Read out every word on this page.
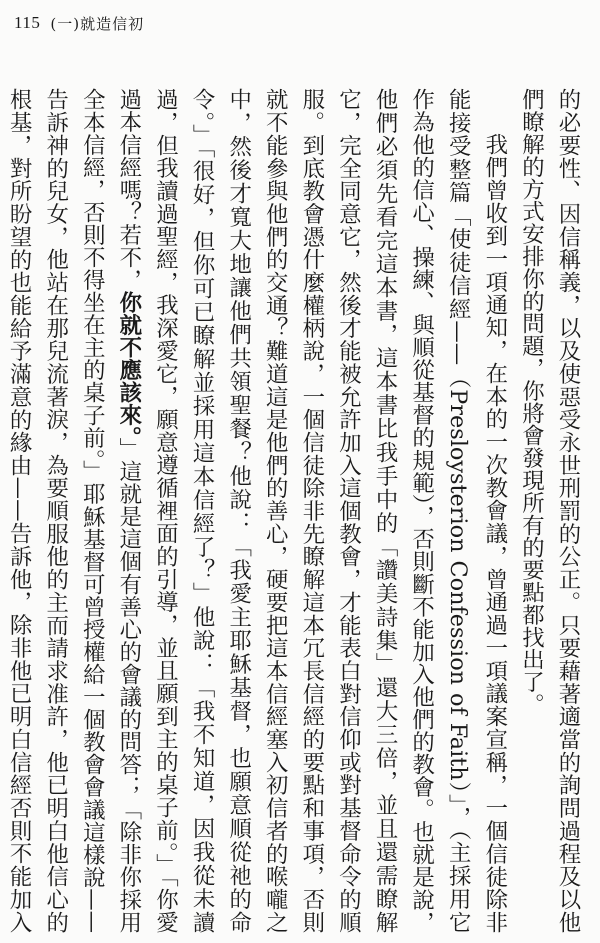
115 (一)就造信初

的必要性、因信稱義，以及使惡受永世刑罰的公正。只要藉著適當的詢問過程及以他們瞭解的方式安排你的問題，你將會發現所有的要點都找出了。

我們曾收到一項通知，在本的一次教會議，曾通過一項議案宣稱，一個信徒除非能接受整篇「使徒信經——（Presloysterion Confession of Faith）」，（主採用它作為他的信心、操練、與順從基督的規範），否則斷不能加入他們的教會。也就是說，他們必須先看完這本書，這本書比我手中的「讚美詩集」還大三倍，並且還需瞭解它，完全同意它，然後才能被允許加入這個教會，才能表白對信仰或對基督命令的順服。到底教會憑什麼權柄說，一個信徒除非先瞭解這本冗長信經的要點和事項，否則就不能參與他們的交通？難道這是他們的善心，硬要把這本信經塞入初信者的喉嚨之中，然後才寬大地讓他們共領聖餐？他說：「我愛主耶穌基督，也願意順從祂的命令。」「很好，但你可已瞭解並採用這本信經了？」他說：「我不知道，因我從未讀過，但我讀過聖經，我深愛它，願意遵循裡面的引導，並且願到主的桌子前。」「你愛過本信經嗎？若不，你就不應該來。」這就是這個有善心的會議的問答；「除非你採用全本信經，否則不得坐在主的桌子前。」耶穌基督可曾授權給一個教會會議這樣說——告訴神的兒女，他站在那兒流著淚，為要順服他的主而請求准許，他已明白他信心的根基，對所盼望的也能給予滿意的緣由——告訴他，除非他已明白信經否則不能加入
